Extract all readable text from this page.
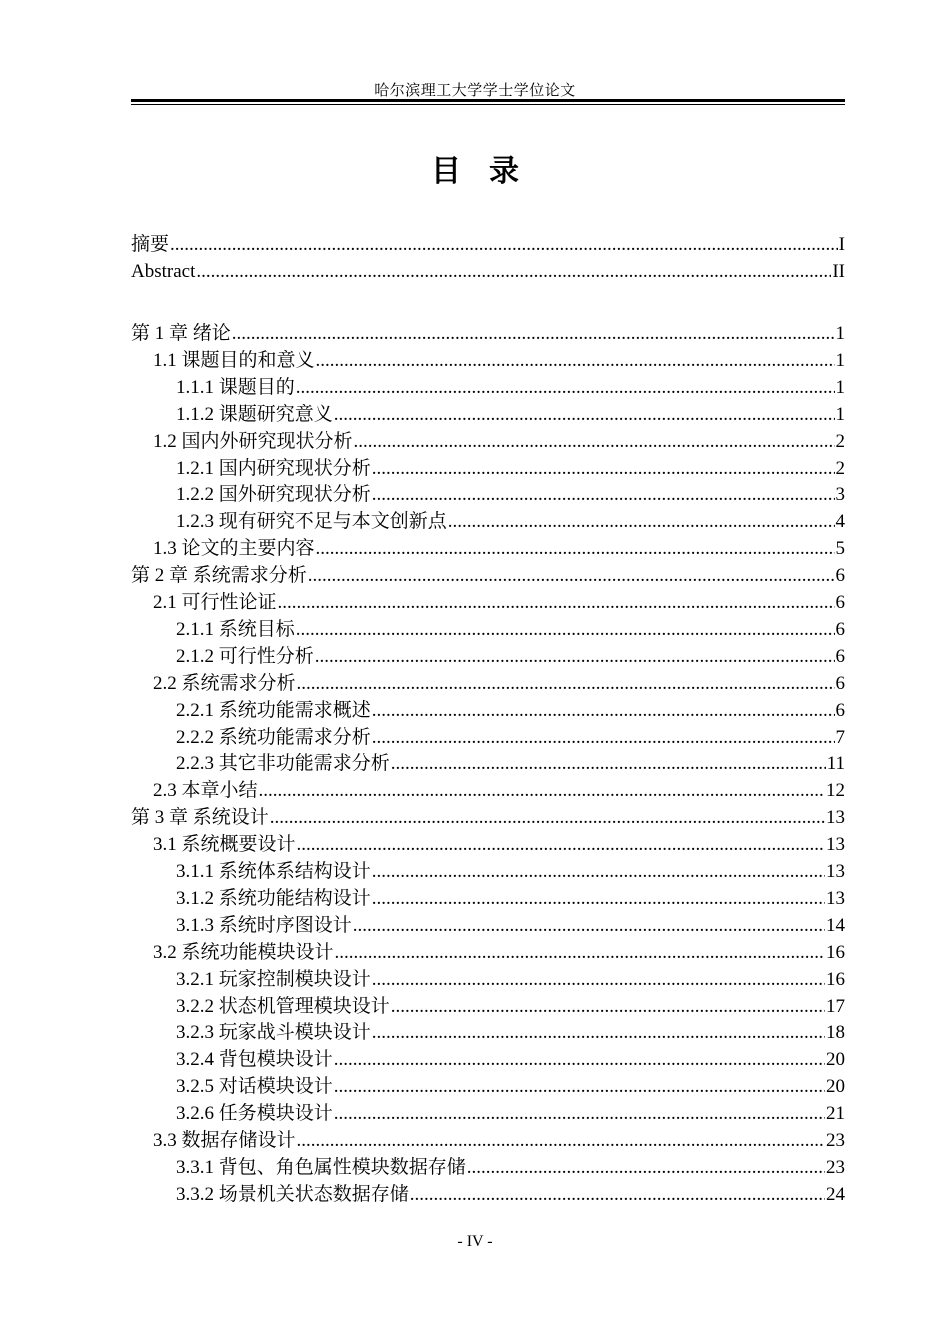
哈尔滨理工大学学士学位论文
目录
摘要 .....	I
Abstract .....	II
第 1 章 绪论 .....	1
1.1 课题目的和意义 .....	1
1.1.1 课题目的 .....	1
1.1.2 课题研究意义 .....	1
1.2 国内外研究现状分析 .....	2
1.2.1 国内研究现状分析 .....	2
1.2.2 国外研究现状分析 .....	3
1.2.3 现有研究不足与本文创新点 .....	4
1.3 论文的主要内容 .....	5
第 2 章 系统需求分析 .....	6
2.1 可行性论证 .....	6
2.1.1 系统目标 .....	6
2.1.2 可行性分析 .....	6
2.2 系统需求分析 .....	6
2.2.1 系统功能需求概述 .....	6
2.2.2 系统功能需求分析 .....	7
2.2.3 其它非功能需求分析 .....	11
2.3 本章小结 .....	12
第 3 章 系统设计 .....	13
3.1 系统概要设计 .....	13
3.1.1 系统体系结构设计 .....	13
3.1.2 系统功能结构设计 .....	13
3.1.3 系统时序图设计 .....	14
3.2 系统功能模块设计 .....	16
3.2.1 玩家控制模块设计 .....	16
3.2.2 状态机管理模块设计 .....	17
3.2.3 玩家战斗模块设计 .....	18
3.2.4 背包模块设计 .....	20
3.2.5 对话模块设计 .....	20
3.2.6 任务模块设计 .....	21
3.3 数据存储设计 .....	23
3.3.1 背包、角色属性模块数据存储 .....	23
3.3.2 场景机关状态数据存储 .....	24
- IV -
